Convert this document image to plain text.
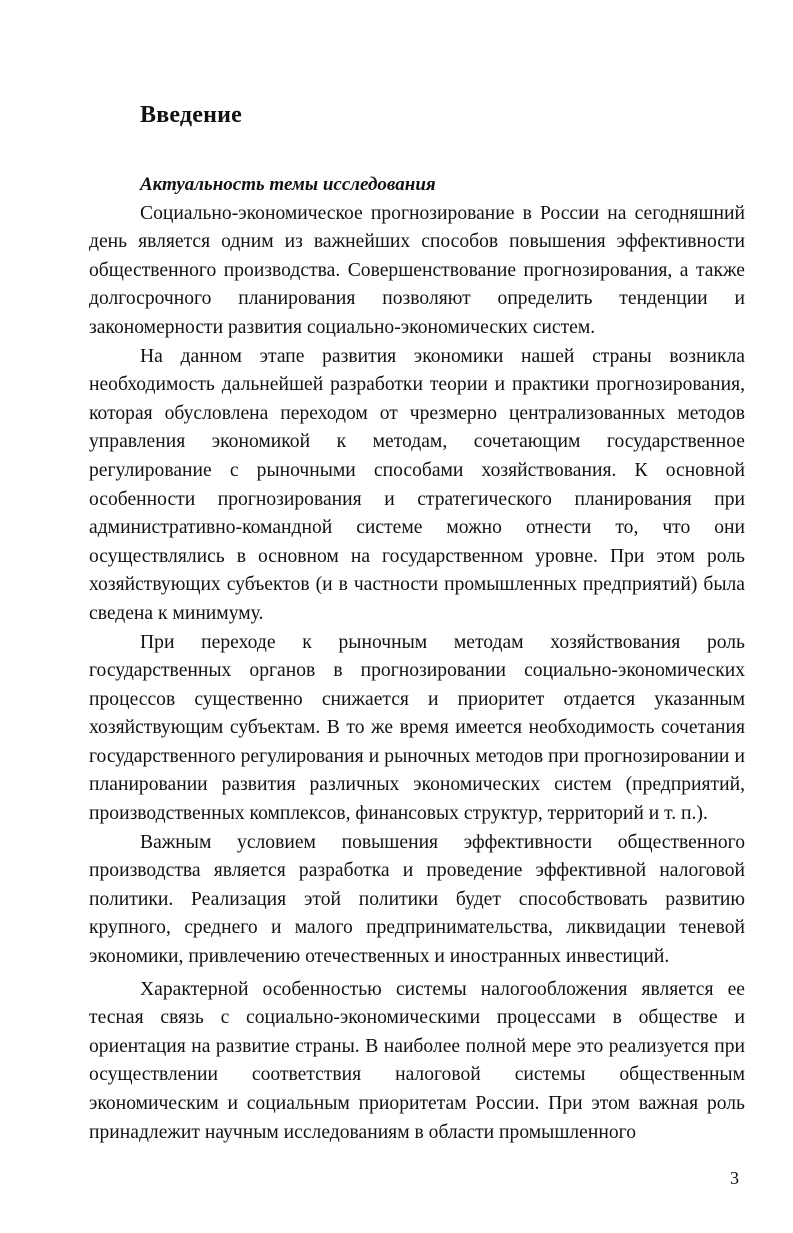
Введение

Актуальность темы исследования

Социально-экономическое прогнозирование в России на сегодняшний день является одним из важнейших способов повышения эффективности общественного производства. Совершенствование прогнозирования, а также долгосрочного планирования позволяют определить тенденции и закономерности развития социально-экономических систем.

На данном этапе развития экономики нашей страны возникла необходимость дальнейшей разработки теории и практики прогнозирования, которая обусловлена переходом от чрезмерно централизованных методов управления экономикой к методам, сочетающим государственное регулирование с рыночными способами хозяйствования. К основной особенности прогнозирования и стратегического планирования при административно-командной системе можно отнести то, что они осуществлялись в основном на государственном уровне. При этом роль хозяйствующих субъектов (и в частности промышленных предприятий) была сведена к минимуму.

При переходе к рыночным методам хозяйствования роль государственных органов в прогнозировании социально-экономических процессов существенно снижается и приоритет отдается указанным хозяйствующим субъектам. В то же время имеется необходимость сочетания государственного регулирования и рыночных методов при прогнозировании и планировании развития различных экономических систем (предприятий, производственных комплексов, финансовых структур, территорий и т. п.).

Важным условием повышения эффективности общественного производства является разработка и проведение эффективной налоговой политики. Реализация этой политики будет способствовать развитию крупного, среднего и малого предпринимательства, ликвидации теневой экономики, привлечению отечественных и иностранных инвестиций.

Характерной особенностью системы налогообложения является ее тесная связь с социально-экономическими процессами в обществе и ориентация на развитие страны. В наиболее полной мере это реализуется при осуществлении соответствия налоговой системы общественным экономическим и социальным приоритетам России. При этом важная роль принадлежит научным исследованиям в области промышленного

3
